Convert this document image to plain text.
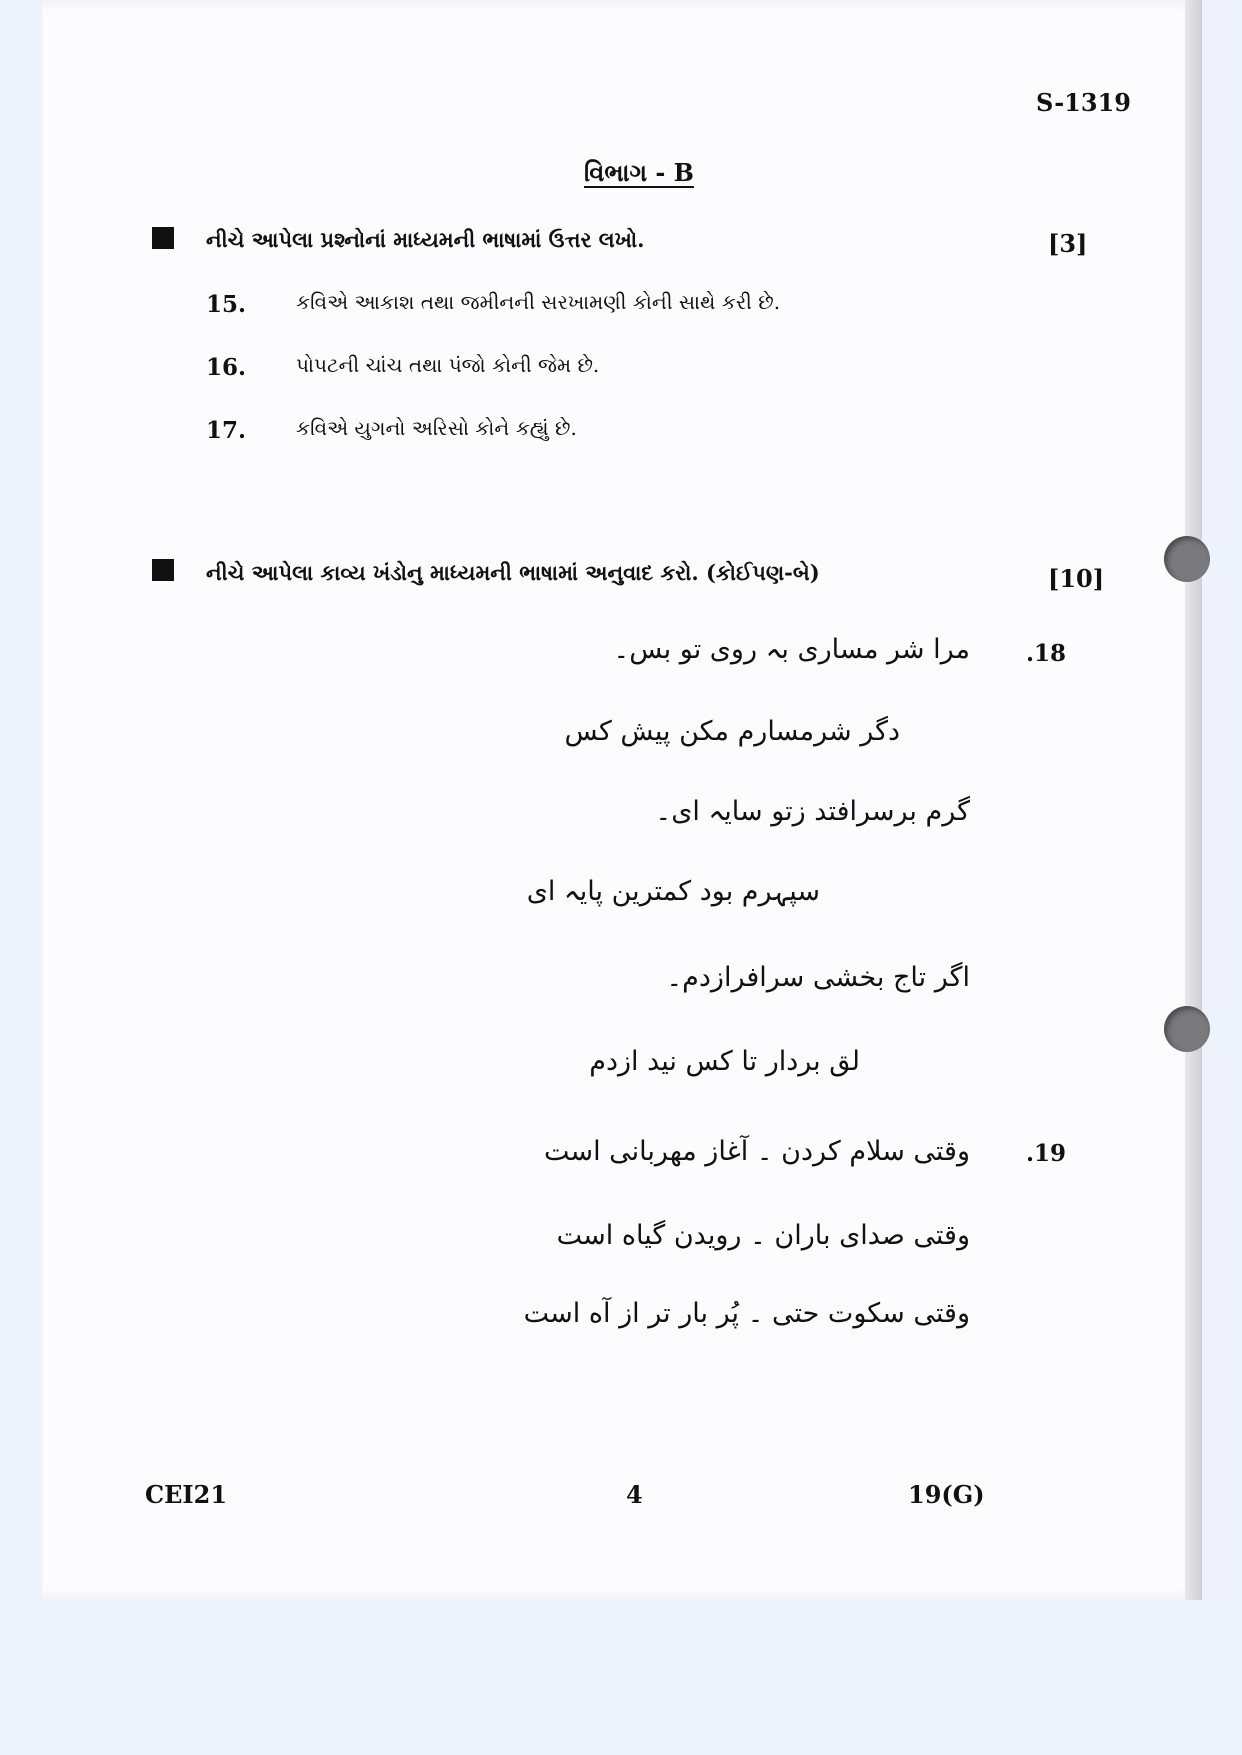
S-1319
વિભાગ - B
નીચે આપેલા પ્રશ્નોનાં માધ્યમની ભાષામાં ઉત્તર લખો.	[3]
15. કવિએ આકાશ તથા જમીનની સરખામણી કોની સાથે કરી છે.
16. પોપટની ચાંચ તથા પંજો કોની જેમ છે.
17. કવિએ યુગનો અરિસો કોને કહ્યું છે.
નીચે આપેલા કાવ્ય ખંડોનુ માધ્યમની ભાષામાં અનુવાદ કરો. (કોઈપણ-બે)	[10]
.18
مرا شر مساری بہ روی تو بس۔
دگر شرمسارم مکن پیش کس
گرم برسرافتد زتو سایہ ای۔
سپہرم بود کمترین پایہ ای
اگر تاج بخشی سرافرازدم۔
لق بردار تا کس نید ازدم
.19
وقتی سلام کردن ۔ آغاز مهربانی است
وقتی صدای باران ۔ رویدن گیاه است
وقتی سکوت حتی ۔ پُر بار تر از آه است
CEI21	4	19(G)
